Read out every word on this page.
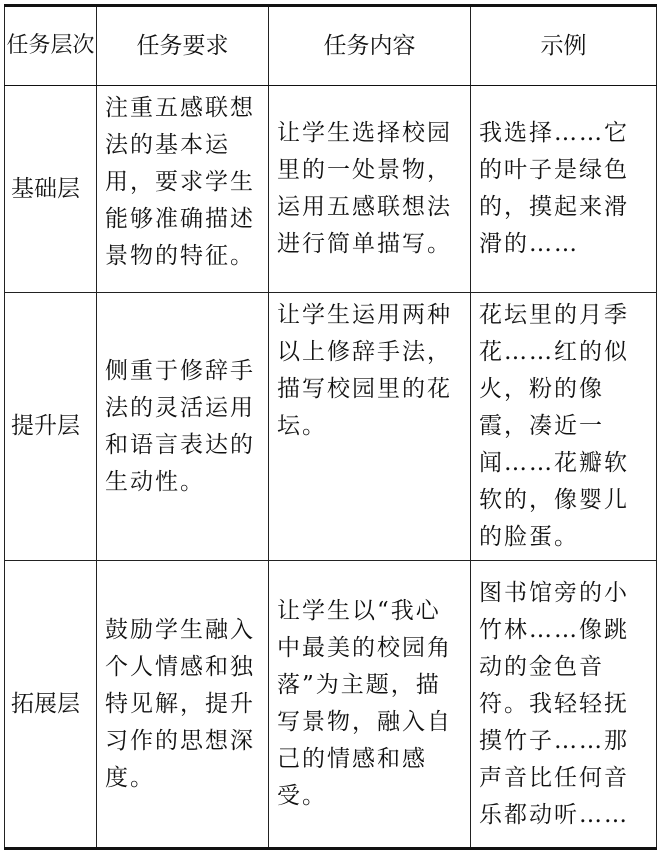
任务层次	任务要求	任务内容	示例
基础层	注重五感联想法的基本运用，要求学生能够准确描述景物的特征。	让学生选择校园里的一处景物，运用五感联想法进行简单描写。	我选择……它的叶子是绿色的，摸起来滑滑的……
提升层	侧重于修辞手法的灵活运用和语言表达的生动性。	让学生运用两种以上修辞手法，描写校园里的花坛。	花坛里的月季花……红的似火，粉的像霞，凑近一闻……花瓣软软的，像婴儿的脸蛋。
拓展层	鼓励学生融入个人情感和独特见解，提升习作的思想深度。	让学生以“我心中最美的校园角落”为主题，描写景物，融入自己的情感和感受。	图书馆旁的小竹林……像跳动的金色音符。我轻轻抚摸竹子……那声音比任何音乐都动听……
